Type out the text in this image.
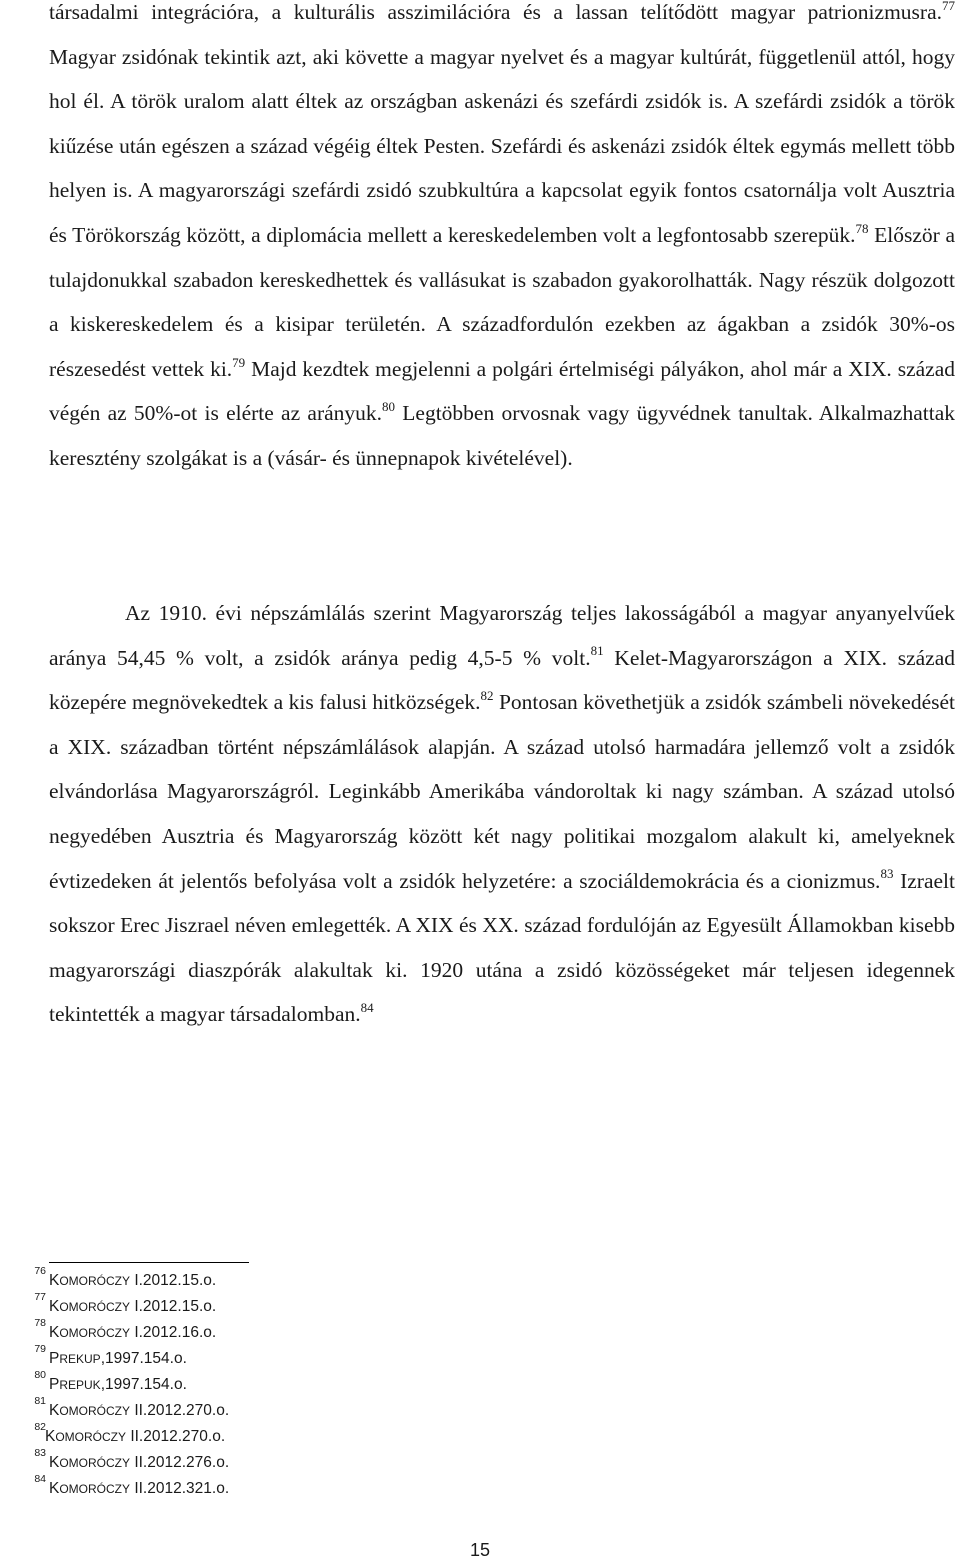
társadalmi integrációra, a kulturális asszimilációra és a lassan telítődött magyar patrionizmusra.$^{77}$ Magyar zsidónak tekintik azt, aki követte a magyar nyelvet és a magyar kultúrát, függetlenül attól, hogy hol él. A török uralom alatt éltek az országban askenázi és szefárdi zsidók is. A szefárdi zsidók a török kiűzése után egészen a század végéig éltek Pesten. Szefárdi és askenázi zsidók éltek egymás mellett több helyen is. A magyarországi szefárdi zsidó szubkultúra a kapcsolat egyik fontos csatornálja volt Ausztria és Törökország között, a diplomácia mellett a kereskedelemben volt a legfontosabb szerepük.$^{78}$ Először a tulajdonukkal szabadon kereskedhettek és vallásukat is szabadon gyakorolhatták. Nagy részük dolgozott a kiskereskedelem és a kisipar területén. A századfordulón ezekben az ágakban a zsidók 30%-os részesedést vettek ki.$^{79}$ Majd kezdtek megjelenni a polgári értelmiségi pályákon, ahol már a XIX. század végén az 50%-ot is elérte az arányuk.$^{80}$ Legtöbben orvosnak vagy ügyvédnek tanultak. Alkalmazhattak keresztény szolgákat is a (vásár- és ünnepnapok kivételével).

Az 1910. évi népszámlálás szerint Magyarország teljes lakosságából a magyar anyanyelvűek aránya 54,45 % volt, a zsidók aránya pedig 4,5-5 % volt.$^{81}$ Kelet-Magyarországon a XIX. század közepére megnövekedtek a kis falusi hitközségek.$^{82}$ Pontosan követhetjük a zsidók számbeli növekedését a XIX. században történt népszámlálások alapján. A század utolsó harmadára jellemző volt a zsidók elvándorlása Magyarországról. Leginkább Amerikába vándoroltak ki nagy számban. A század utolsó negyedében Ausztria és Magyarország között két nagy politikai mozgalom alakult ki, amelyeknek évtizedeken át jelentős befolyása volt a zsidók helyzetére: a szociáldemokrácia és a cionizmus.$^{83}$ Izraelt sokszor Erec Jiszrael néven emlegették. A XIX és XX. század fordulóján az Egyesült Államokban kisebb magyarországi diaszpórák alakultak ki. 1920 utána a zsidó közösségeket már teljesen idegennek tekintették a magyar társadalomban.$^{84}$

76
KOMORÓCZY I.2012.15.o.
77
KOMORÓCZY I.2012.15.o.
78
KOMORÓCZY I.2012.16.o.
79
PREKUP,1997.154.o.
80
PREPUK,1997.154.o.
81
KOMORÓCZY II.2012.270.o.
82
KOMORÓCZY II.2012.270.o.
83
KOMORÓCZY II.2012.276.o.
84
KOMORÓCZY II.2012.321.o.
15
